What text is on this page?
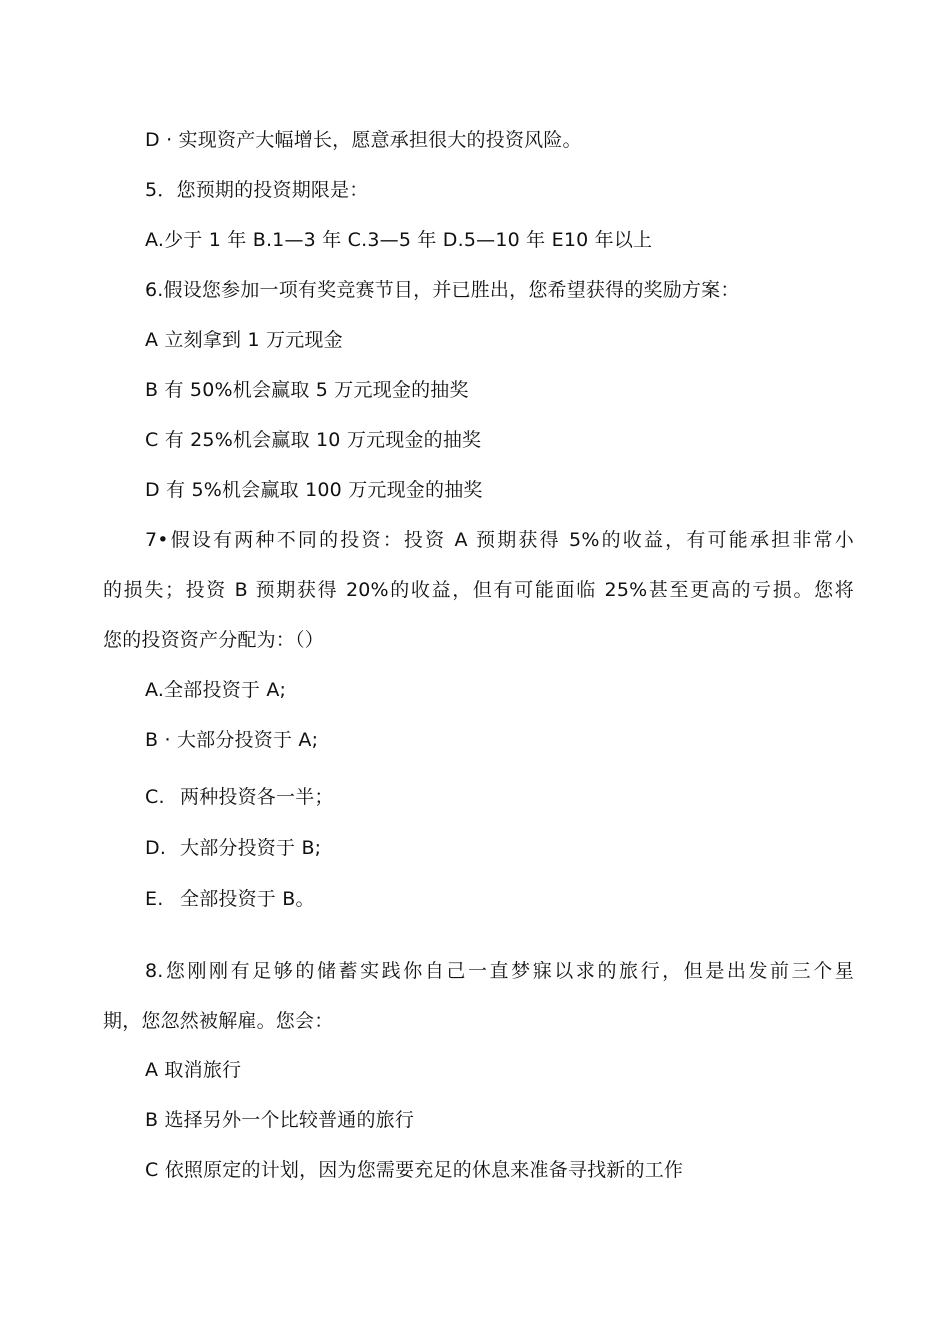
D · 实现资产大幅增长，愿意承担很大的投资风险。
5．您预期的投资期限是：
A.少于 1 年 B.1—3 年 C.3—5 年 D.5—10 年 E10 年以上
6.假设您参加一项有奖竞赛节目，并已胜出，您希望获得的奖励方案：
A 立刻拿到 1 万元现金
B 有 50%机会赢取 5 万元现金的抽奖
C 有 25%机会赢取 10 万元现金的抽奖
D 有 5%机会赢取 100 万元现金的抽奖
7•假设有两种不同的投资：投资 A 预期获得 5%的收益，有可能承担非常小
的损失；投资 B 预期获得 20%的收益，但有可能面临 25%甚至更高的亏损。您将
您的投资资产分配为：（）
A.全部投资于 A;
B · 大部分投资于 A;
C. 两种投资各一半；
D. 大部分投资于 B;
E. 全部投资于 B。
8.您刚刚有足够的储蓄实践你自己一直梦寐以求的旅行，但是出发前三个星
期，您忽然被解雇。您会：
A 取消旅行
B 选择另外一个比较普通的旅行
C 依照原定的计划，因为您需要充足的休息来准备寻找新的工作
